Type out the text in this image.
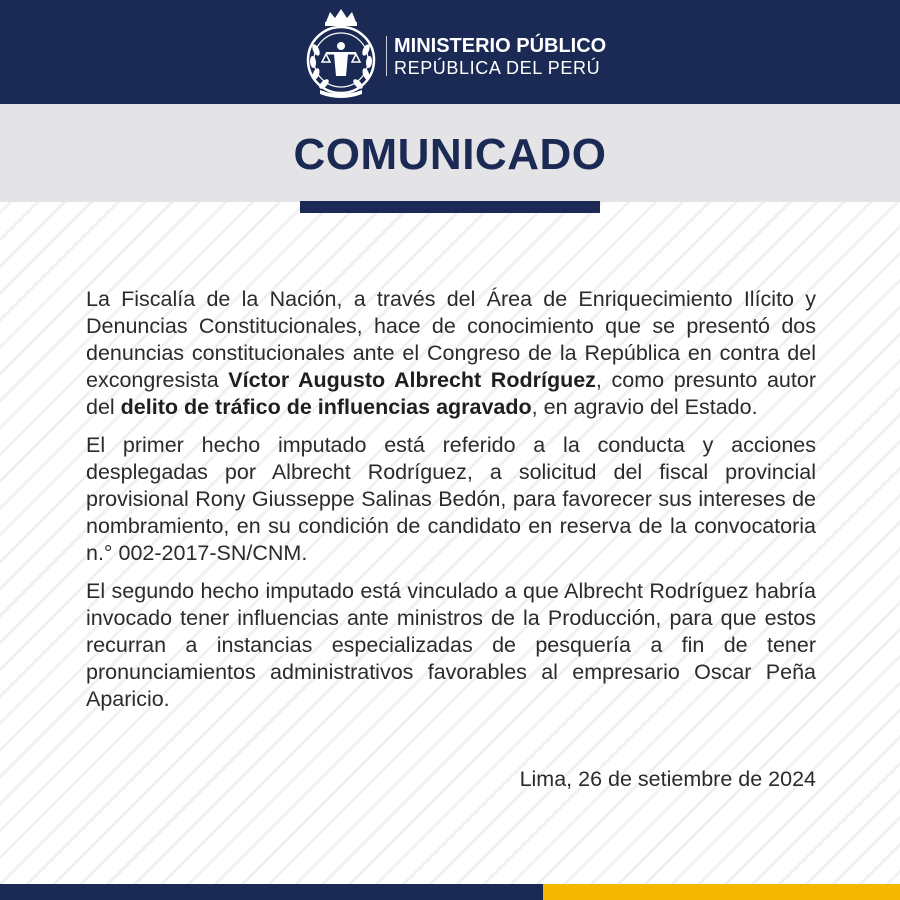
MINISTERIO PÚBLICO
REPÚBLICA DEL PERÚ
COMUNICADO

La Fiscalía de la Nación, a través del Área de Enriquecimiento Ilícito y Denuncias Constitucionales, hace de conocimiento que se presentó dos denuncias constitucionales ante el Congreso de la República en contra del excongresista Víctor Augusto Albrecht Rodríguez, como presunto autor del delito de tráfico de influencias agravado, en agravio del Estado.

El primer hecho imputado está referido a la conducta y acciones desplegadas por Albrecht Rodríguez, a solicitud del fiscal provincial provisional Rony Giusseppe Salinas Bedón, para favorecer sus intereses de nombramiento, en su condición de candidato en reserva de la convocatoria n.° 002-2017-SN/CNM.

El segundo hecho imputado está vinculado a que Albrecht Rodríguez habría invocado tener influencias ante ministros de la Producción, para que estos recurran a instancias especializadas de pesquería a fin de tener pronunciamientos administrativos favorables al empresario Oscar Peña Aparicio.

Lima, 26 de setiembre de 2024
